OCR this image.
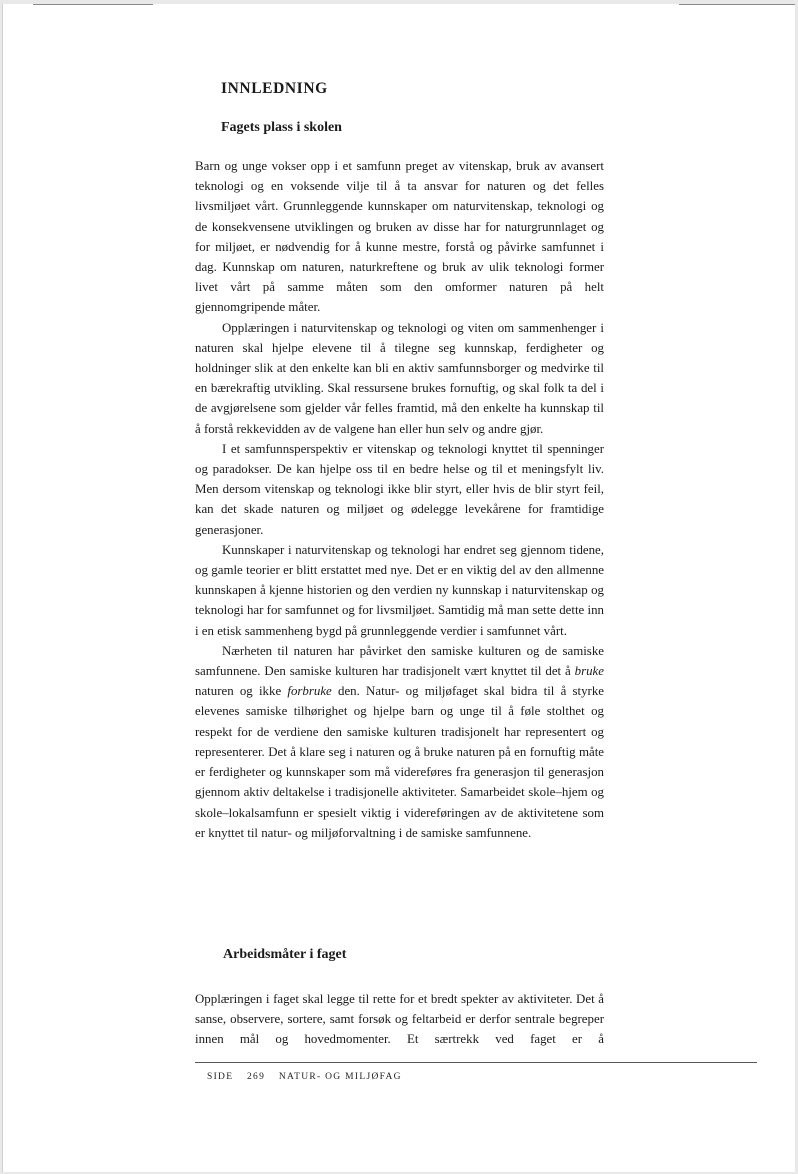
INNLEDNING
Fagets plass i skolen

Barn og unge vokser opp i et samfunn preget av vitenskap, bruk av avansert teknologi og en voksende vilje til å ta ansvar for naturen og det felles livsmiljøet vårt. Grunnleggende kunnskaper om naturvitenskap, teknologi og de konsekvensene utviklingen og bruken av disse har for naturgrunnlaget og for miljøet, er nødvendig for å kunne mestre, forstå og påvirke samfunnet i dag. Kunnskap om naturen, naturkreftene og bruk av ulik teknologi former livet vårt på samme måten som den omformer naturen på helt gjennomgripende måter.

Opplæringen i naturvitenskap og teknologi og viten om sammenhenger i naturen skal hjelpe elevene til å tilegne seg kunnskap, ferdigheter og holdninger slik at den enkelte kan bli en aktiv samfunnsborger og medvirke til en bærekraftig utvikling. Skal ressursene brukes fornuftig, og skal folk ta del i de avgjørelsene som gjelder vår felles framtid, må den enkelte ha kunnskap til å forstå rekkevidden av de valgene han eller hun selv og andre gjør.

I et samfunnsperspektiv er vitenskap og teknologi knyttet til spenninger og paradokser. De kan hjelpe oss til en bedre helse og til et meningsfylt liv. Men dersom vitenskap og teknologi ikke blir styrt, eller hvis de blir styrt feil, kan det skade naturen og miljøet og ødelegge levekårene for framtidige generasjoner.

Kunnskaper i naturvitenskap og teknologi har endret seg gjennom tidene, og gamle teorier er blitt erstattet med nye. Det er en viktig del av den allmenne kunnskapen å kjenne historien og den verdien ny kunnskap i naturvitenskap og teknologi har for samfunnet og for livsmiljøet. Samtidig må man sette dette inn i en etisk sammenheng bygd på grunnleggende verdier i samfunnet vårt.

Nærheten til naturen har påvirket den samiske kulturen og de samiske samfunnene. Den samiske kulturen har tradisjonelt vært knyttet til det å bruke naturen og ikke forbruke den. Natur- og miljøfaget skal bidra til å styrke elevenes samiske tilhørighet og hjelpe barn og unge til å føle stolthet og respekt for de verdiene den samiske kulturen tradisjonelt har representert og representerer. Det å klare seg i naturen og å bruke naturen på en fornuftig måte er ferdigheter og kunnskaper som må videreføres fra generasjon til generasjon gjennom aktiv deltakelse i tradisjonelle aktiviteter. Samarbeidet skole–hjem og skole–lokalsamfunn er spesielt viktig i videreføringen av de aktivitetene som er knyttet til natur- og miljøforvaltning i de samiske samfunnene.

Arbeidsmåter i faget

Opplæringen i faget skal legge til rette for et bredt spekter av aktiviteter. Det å sanse, observere, sortere, samt forsøk og feltarbeid er derfor sentrale begreper innen mål og hovedmomenter. Et særtrekk ved faget er å

SIDE 269 NATUR- OG MILJØFAG
